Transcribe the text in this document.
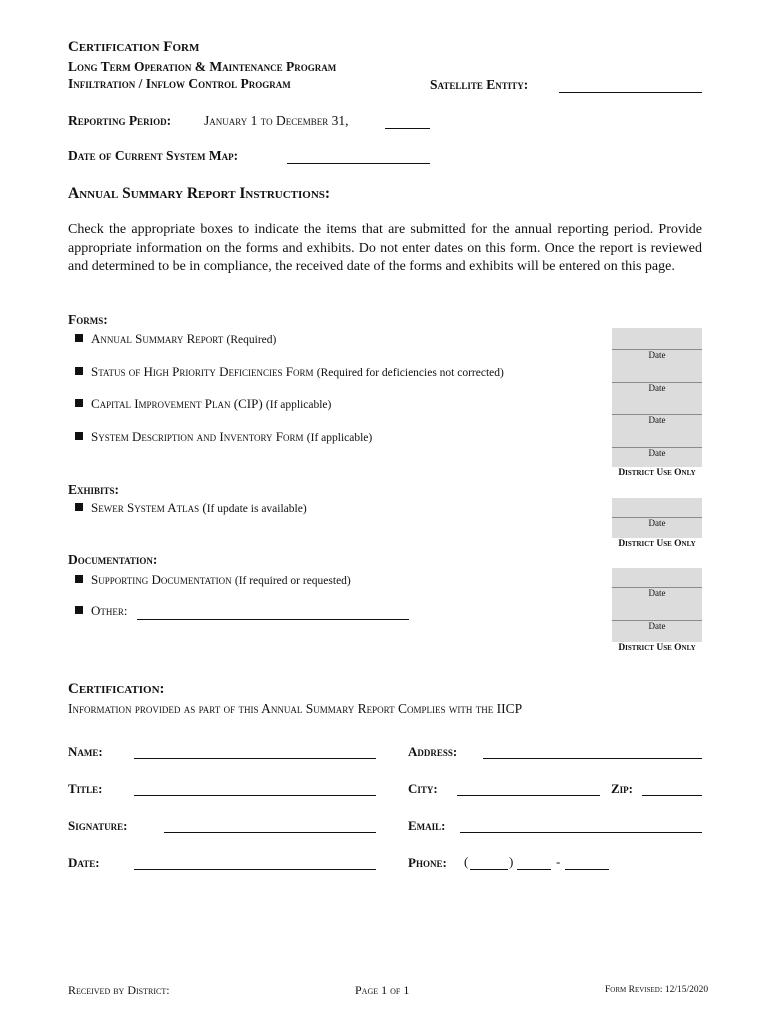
Certification Form
Long Term Operation & Maintenance Program
Infiltration / Inflow Control Program	Satellite Entity:
Reporting Period: January 1 to December 31,
Date of Current System Map:
Annual Summary Report Instructions:
Check the appropriate boxes to indicate the items that are submitted for the annual reporting period. Provide appropriate information on the forms and exhibits. Do not enter dates on this form. Once the report is reviewed and determined to be in compliance, the received date of the forms and exhibits will be entered on this page.
Forms:
Annual Summary Report (Required)
Status of High Priority Deficiencies Form (Required for deficiencies not corrected)
Capital Improvement Plan (CIP) (If applicable)
System Description and Inventory Form (If applicable)
Date
Date
Date
Date
District Use Only
Exhibits:
Sewer System Atlas (If update is available)
Date
District Use Only
Documentation:
Supporting Documentation (If required or requested)
Other:
Date
Date
District Use Only
Certification:
Information provided as part of this Annual Summary Report Complies with the IICP
Name:	Address:
Title:	City:	Zip:
Signature:	Email:
Date:	Phone: (	)	-
Received by District:	Page 1 of 1	Form Revised: 12/15/2020
